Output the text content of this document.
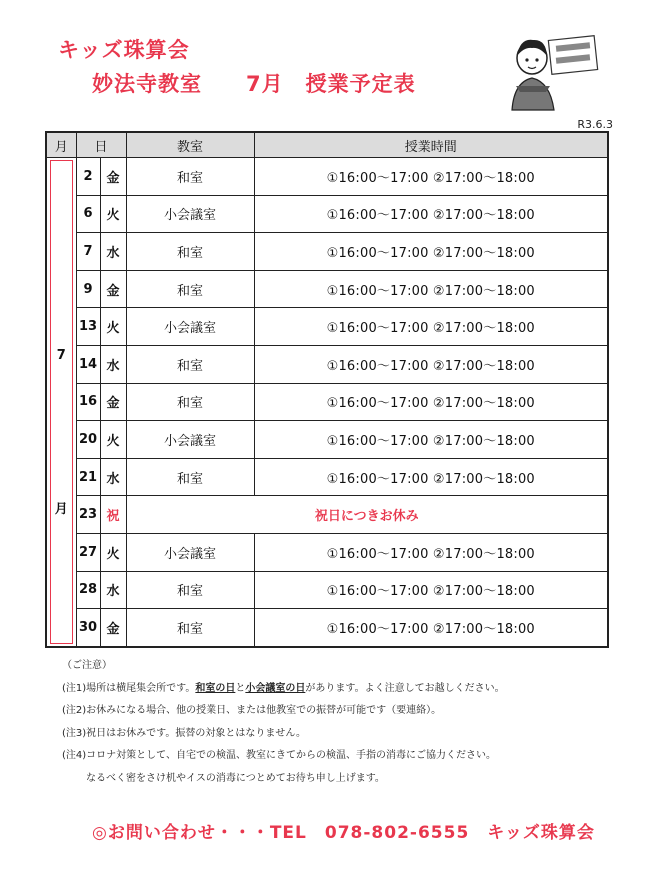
キッズ珠算会
妙法寺教室　　7月　授業予定表
R3.6.3
月	日		教室	授業時間

7
月	2	金	和室	①16:00〜17:00 ②17:00〜18:00
	6	火	小会議室	①16:00〜17:00 ②17:00〜18:00
	7	水	和室	①16:00〜17:00 ②17:00〜18:00
	9	金	和室	①16:00〜17:00 ②17:00〜18:00
	13	火	小会議室	①16:00〜17:00 ②17:00〜18:00
	14	水	和室	①16:00〜17:00 ②17:00〜18:00
	16	金	和室	①16:00〜17:00 ②17:00〜18:00
	20	火	小会議室	①16:00〜17:00 ②17:00〜18:00
	21	水	和室	①16:00〜17:00 ②17:00〜18:00
	23	祝	祝日につきお休み	
	27	火	小会議室	①16:00〜17:00 ②17:00〜18:00
	28	水	和室	①16:00〜17:00 ②17:00〜18:00
	30	金	和室	①16:00〜17:00 ②17:00〜18:00
（ご注意）
(注1)場所は横尾集会所です。和室の日と小会議室の日があります。よく注意してお越しください。
(注2)お休みになる場合、他の授業日、または他教室での振替が可能です（要連絡）。
(注3)祝日はお休みです。振替の対象とはなりません。
(注4)コロナ対策として、自宅での検温、教室にきてからの検温、手指の消毒にご協力ください。
なるべく密をさけ机やイスの消毒につとめてお待ち申し上げます。
◎お問い合わせ・・・TEL　078-802-6555　キッズ珠算会
